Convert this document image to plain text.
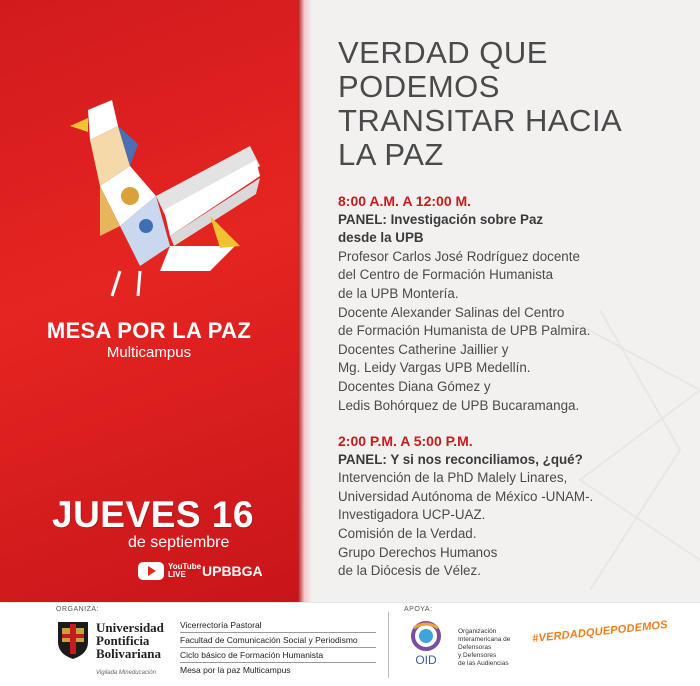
MESA POR LA PAZ
Multicampus
JUEVES 16
de septiembre
YouTube LIVE	UPBBGA
VERDAD QUE
PODEMOS
TRANSITAR HACIA
LA PAZ
8:00 A.M. A 12:00 M.
PANEL: Investigación sobre Paz
desde la UPB
Profesor Carlos José Rodríguez docente
del Centro de Formación Humanista
de la UPB Montería.
Docente Alexander Salinas del Centro
de Formación Humanista de UPB Palmira.
Docentes Catherine Jaillier y
Mg. Leidy Vargas UPB Medellín.
Docentes Diana Gómez y
Ledis Bohórquez de UPB Bucaramanga.
2:00 P.M. A 5:00 P.M.
PANEL: Y si nos reconciliamos, ¿qué?
Intervención de la PhD Malely Linares,
Universidad Autónoma de México -UNAM-.
Investigadora UCP-UAZ.
Comisión de la Verdad.
Grupo Derechos Humanos
de la Diócesis de Vélez.
ORGANIZA:
Universidad
Pontificia
Bolivariana
Vigilada Mineducación
Vicerrectoría Pastoral
Facultad de Comunicación Social y Periodismo
Ciclo básico de Formación Humanista
Mesa por la paz Multicampus
APOYA:
OID
Organización
Interamericana de
Defensoras
y Defensores
de las Audiencias
#VERDADQUEPODEMOS
